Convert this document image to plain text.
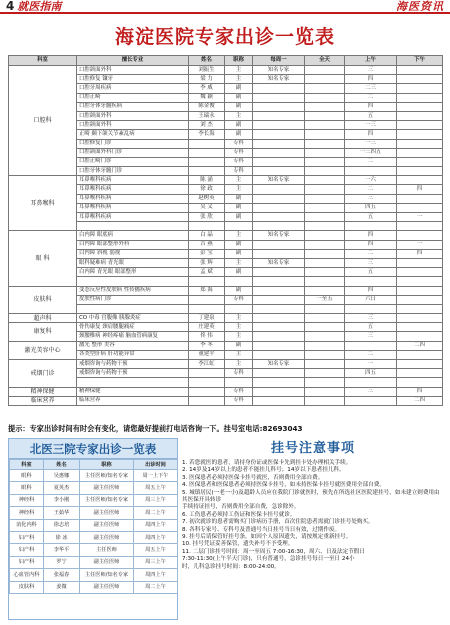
4 就医指南	海医资讯
海淀医院专家出诊一览表
科室	擅长专业	姓名	职称	每周一	全天	上午	下午
口腔科	口腔颌面外科	刘振生	主	知名专家		三	
	口腔修复 镶牙	梁 力	主	知名专家		四	
	口腔牙周疾病	李 威	副			二三	
	口腔正畸	魏 颖	副			二	
	口腔牙体牙髓疾病	陈金俊	副			四	
	口腔颌面外科	王瑞永	主			五	
	口腔颌面外科	刘 杰	副			一三	
	正畸 颞下颌关节紊乱病	李长海	副			四	
	口腔修复门诊		专科			一三	
	口腔颌面外科门诊		专科			一三四五	
	口腔正畸门诊		专科			二	
	口腔牙体牙髓门诊		专科				
耳鼻喉科	耳鼻喉科疾病	陈 涌	主	知名专家		一六	
	耳鼻喉科疾病	徐 政	主			二	四
	耳鼻喉科疾病	赵树英	副			三	
	耳鼻喉科疾病	吴 义	副			四五	
	耳鼻喉科疾病	张 欣	副			五	一

眼 科	白内障 眼底病	白 晶	主	知名专家		四	
	白内障 眼部整形外科	吉 燕	副			四	一
	白内障 斜视 弱视	彭 宝	副			二	四
	眼科疑难病 青光眼	张 辉	主	知名专家		三	
	白内障 青光眼 眼部整形	孟 斌	副			五	

皮肤科	变态反应性皮肤病 性传播疾病	郑 海	副			四	
	皮肤性病门诊		专科		一至五	六日	

超声科	CO 中毒 宫腹像 胰腺炎症	丁建泉	主			三	
康复科	骨伤康复 颈肩腰腿痛症	庄建英	主			五	
	颈腰椎病 神经疼痛 脑血管病康复	佟 伟	主			三	
激光美容中心	激光 整形 美容	李 冬	副				二四
	各类型肝病 肝功能异常	董建平	主			二	
戒烟门诊	戒烟咨询与药物干预	李江虹	主	知名专家		一	
	戒烟咨询与药物干预		专科			四五	

精神保健	精神保健		专科			三	四
临床营养	临床营养		专科				二四
提示：专家出诊时间有时会有变化，请您最好提前打电话咨询一下。挂号室电话:82693043
北医三院专家出诊一览表
科室	姓名	职称	出诊时间
眼科	吴惠娜	主任医师/知名专家	周一上下午
眼科	夏英杰	副主任医师	周五上午
神经科	李小刚	主任医师/知名专家	周三上午
神经科	王茹华	副主任医师	周二上午
消化内科	徐志培	副主任医师	周四上午
妇产科	徐 冰	副主任医师	周四上午
妇产科	李华平	主任医师	周五上午
妇产科	罗宁	副主任医师	周三上午
心血管内科	张福春	主任医师/知名专家	周四上午
皮肤科	姜微	副主任医师	周二上午
挂号注意事项
1. 若您就医的患者，请持身份证或医保卡先到挂卡处办理相关手续。
2. 14岁及14岁以上的患者不能挂儿科号；14岁以下患者挂儿科。
3. 医保患者必须持医保卡挂号就医，否则费用全部自费。
4. 医保患者和医保患者必须持医保卡挂号，如未持医保卡挂号就医费用全部自费。
5. 城镇居民(一老一小)及超龄人员应在我院门诊就医时，预先在所选社区医院建挂号，如未建立则费用由其医保开具转诊
手续持证挂号，否则费用全部自费，急诊除外。
6. 工伤患者必须持工伤证和医保卡挂号就诊。
7. 初次就诊的患者需购买门诊病历手册，首次住院患者需就门诊挂号处购买。
8. 各科专家号、专科号及普通号当日挂号当日有效，过期作废。
9. 挂号后请保管好挂号条，如因个人原因遗失，请按规定重新挂号。
10. 挂号凭证妥善保管，遗失补号不予受理。
11. 二层门诊挂号时间：周一至周五 7:00-16:30，周六、日及法定节假日
7:30-11:30(上午半天门诊)，只有普通号，急诊挂号每日一至日 24小
时，儿科急诊挂号时间：8:00-24:00。
